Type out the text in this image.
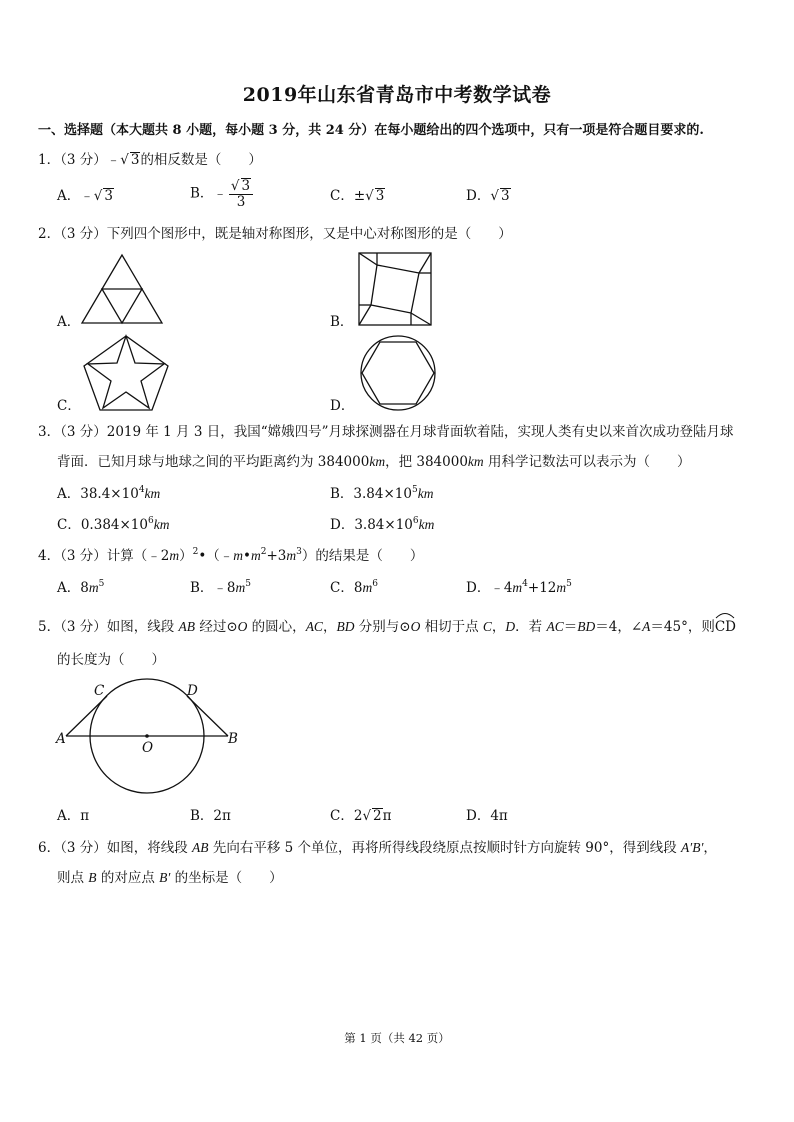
2019年山东省青岛市中考数学试卷
一、选择题（本大题共 8 小题，每小题 3 分，共 24 分）在每小题给出的四个选项中，只有一项是符合题目要求的.
1．（3 分）﹣√ 3的相反数是（　　）
A．﹣√ 3	B．﹣ $\frac{√ 3}{3}$	C．±√ 3	D．√ 3
2．（3 分）下列四个图形中，既是轴对称图形，又是中心对称图形的是（　　）
A．	B．
C．	D．
3．（3 分）2019 年 1 月 3 日，我国“嫦娥四号”月球探测器在月球背面软着陆，实现人类有史以来首次成功登陆月球
背面．已知月球与地球之间的平均距离约为 384000km，把 384000km 用科学记数法可以表示为（　　）
A．$38.4\times 10^4km$	B．$3.84\times 10^5km$
C．$0.384\times 10^6km$	D．$3.84\times 10^6km$
4．（3 分）计算$(﹣2m)^2•(﹣m•m^2+3m^3)$的结果是（　　）
A．$8m^5$	B．$﹣8m^5$	C．$8m^6$	D．$﹣4m^4+12m^5$
5．（3 分）如图，线段 AB 经过⊙O 的圆心，AC，BD 分别与⊙O 相切于点 C，D．若 AC＝BD＝4，∠A＝45°，则
CD
的长度为（　　）
C	D
A	B
O
A．π	B．2π	C．2√ 2π	D．4π
6．（3 分）如图，将线段 AB 先向右平移 5 个单位，再将所得线段绕原点按顺时针方向旋转 90°，得到线段 A′B′，
则点 B 的对应点 B′ 的坐标是（　　）
第 1 页（共 42 页）
